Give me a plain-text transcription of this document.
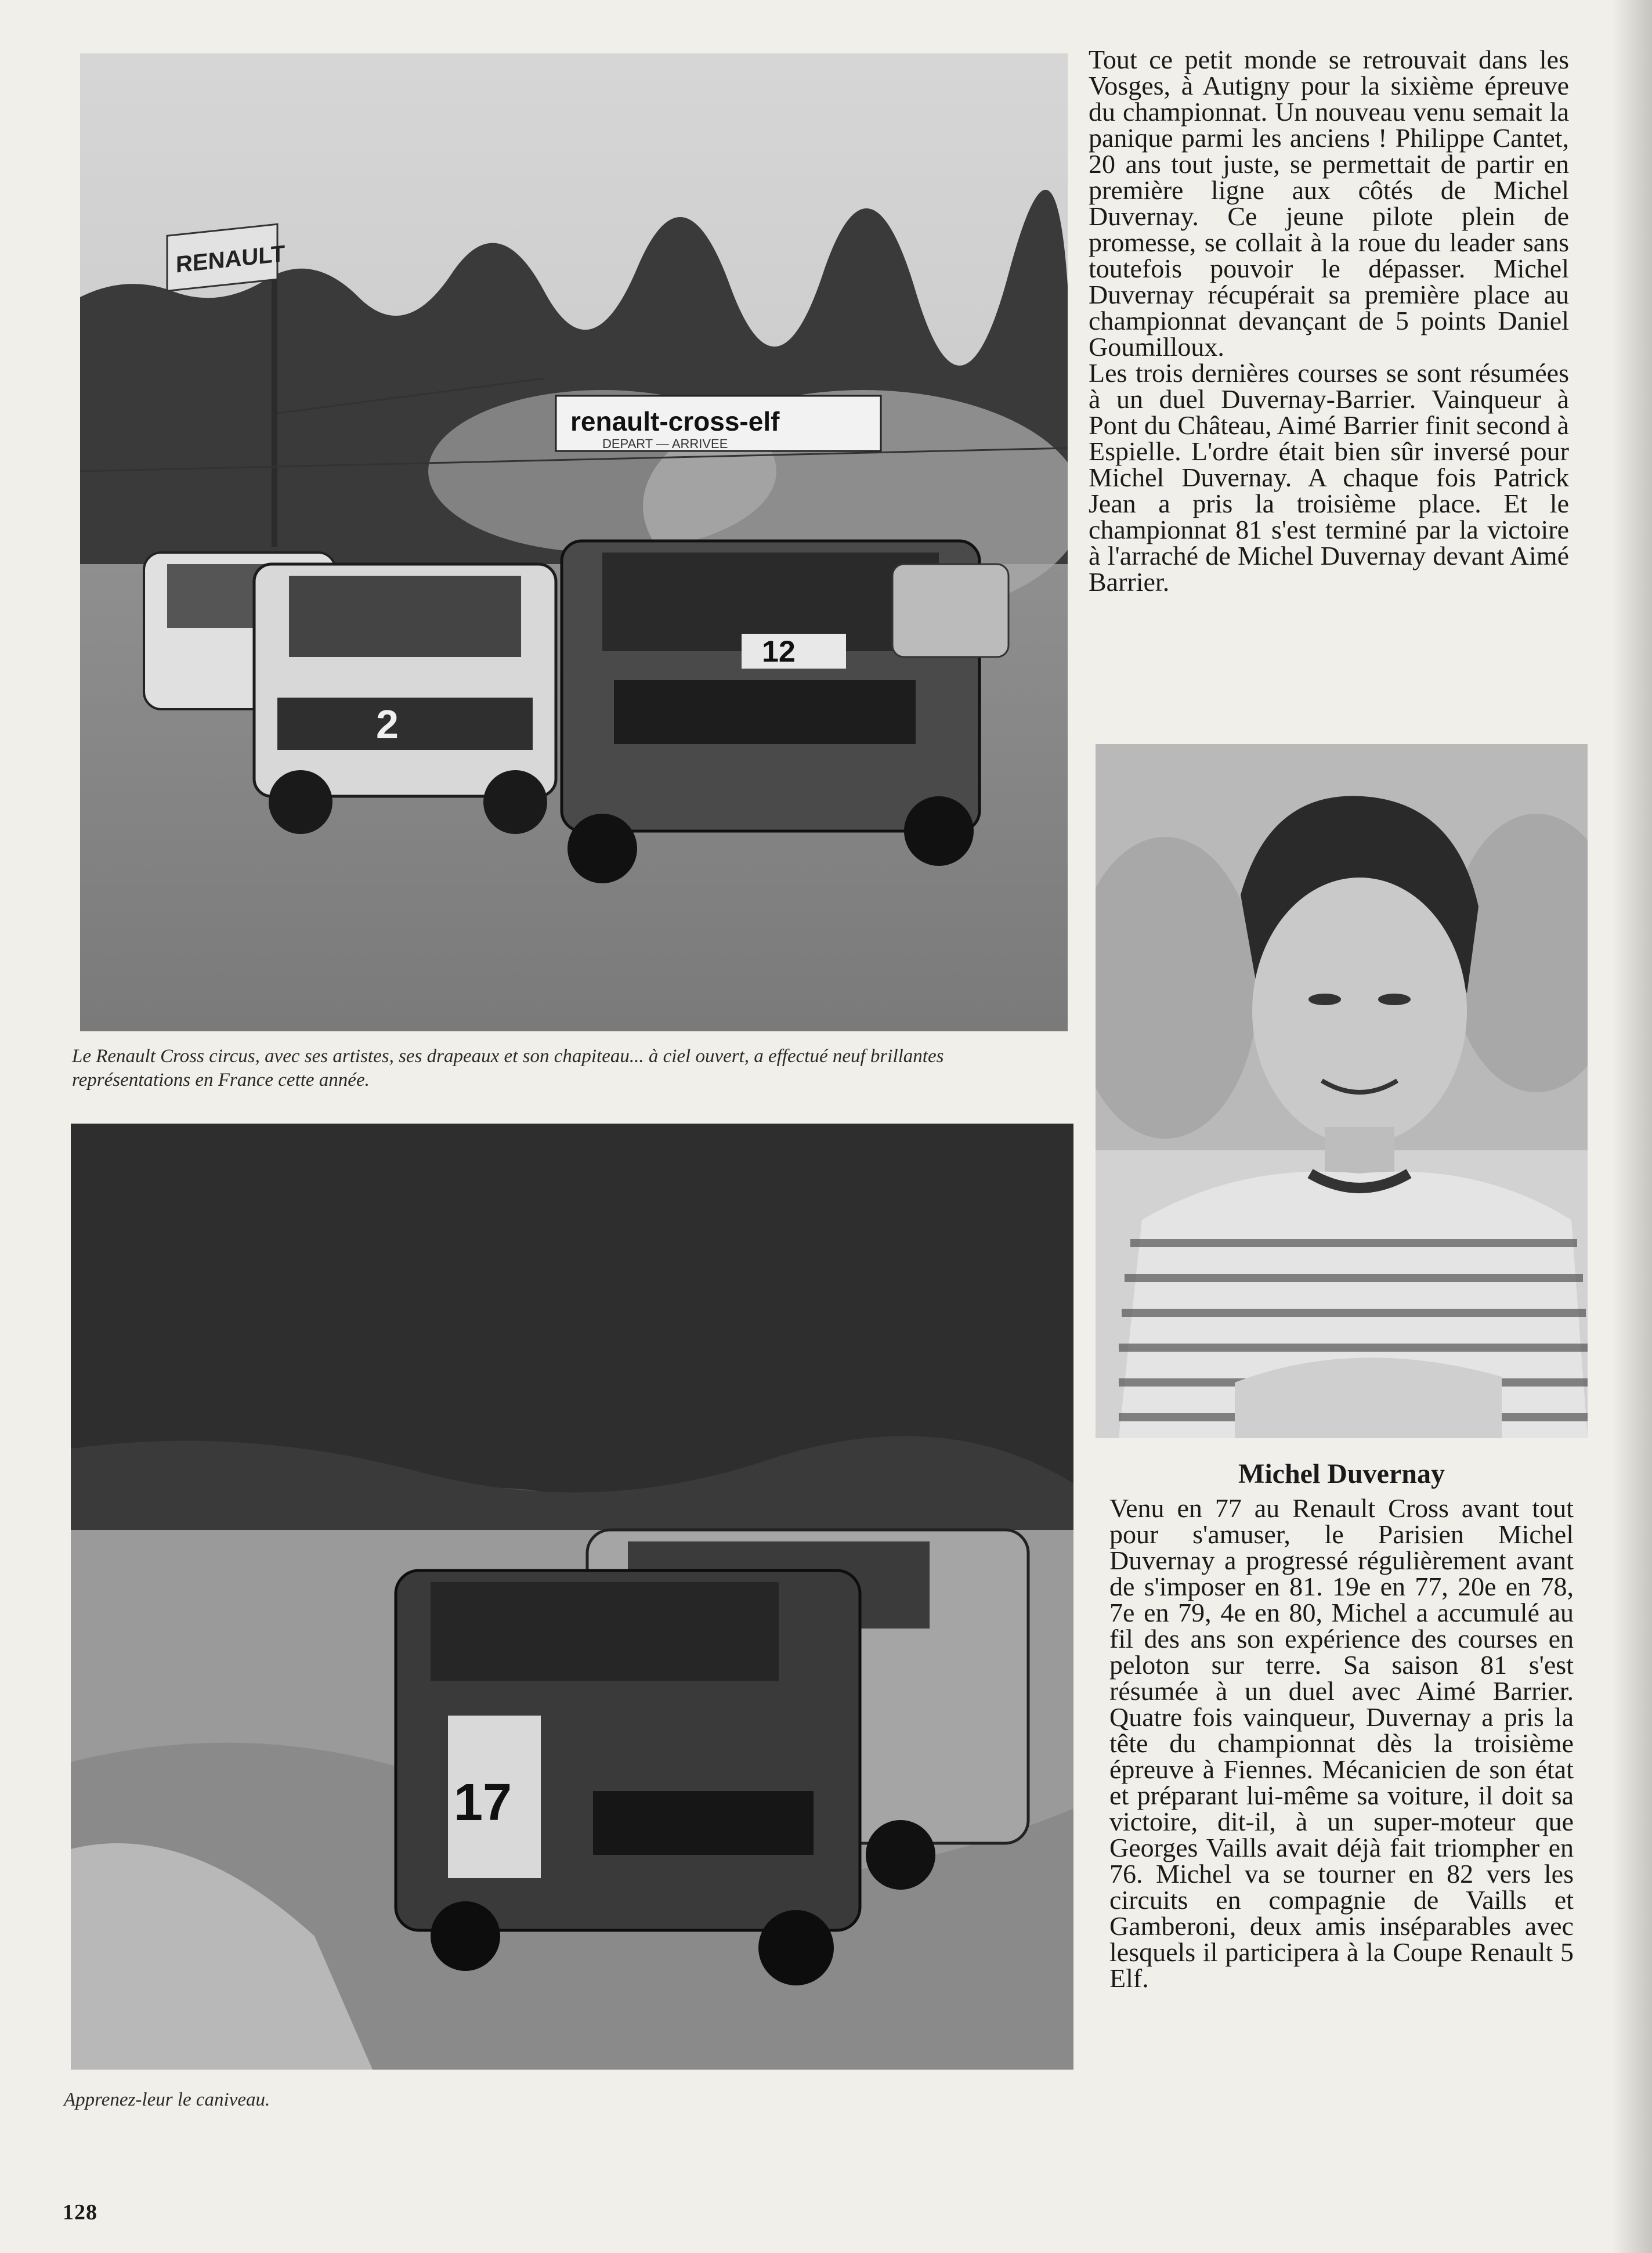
RENAULT
renault-cross-elf
DEPART — ARRIVEE
2
12
Le Renault Cross circus, avec ses artistes, ses drapeaux et son chapiteau... à ciel ouvert, a effectué neuf brillantes représentations en France cette année.
17
Apprenez-leur le caniveau.

Tout ce petit monde se retrouvait dans les Vosges, à Autigny pour la sixième épreuve du championnat. Un nouveau venu semait la panique parmi les anciens ! Philippe Cantet, 20 ans tout juste, se permettait de partir en première ligne aux côtés de Michel Duvernay. Ce jeune pilote plein de promesse, se collait à la roue du leader sans toutefois pouvoir le dépasser. Michel Duvernay récupérait sa première place au championnat devançant de 5 points Daniel Goumilloux.

Les trois dernières courses se sont résumées à un duel Duvernay-Barrier. Vainqueur à Pont du Château, Aimé Barrier finit second à Espielle. L'ordre était bien sûr inversé pour Michel Duvernay. A chaque fois Patrick Jean a pris la troisième place. Et le championnat 81 s'est terminé par la victoire à l'arraché de Michel Duvernay devant Aimé Barrier.

Michel Duvernay
Venu en 77 au Renault Cross avant tout pour s'amuser, le Parisien Michel Duvernay a progressé régulièrement avant de s'imposer en 81. 19e en 77, 20e en 78, 7e en 79, 4e en 80, Michel a accumulé au fil des ans son expérience des courses en peloton sur terre. Sa saison 81 s'est résumée à un duel avec Aimé Barrier. Quatre fois vainqueur, Duvernay a pris la tête du championnat dès la troisième épreuve à Fiennes. Mécanicien de son état et préparant lui-même sa voiture, il doit sa victoire, dit-il, à un super-moteur que Georges Vaills avait déjà fait triompher en 76. Michel va se tourner en 82 vers les circuits en compagnie de Vaills et Gamberoni, deux amis inséparables avec lesquels il participera à la Coupe Renault 5 Elf.
128
